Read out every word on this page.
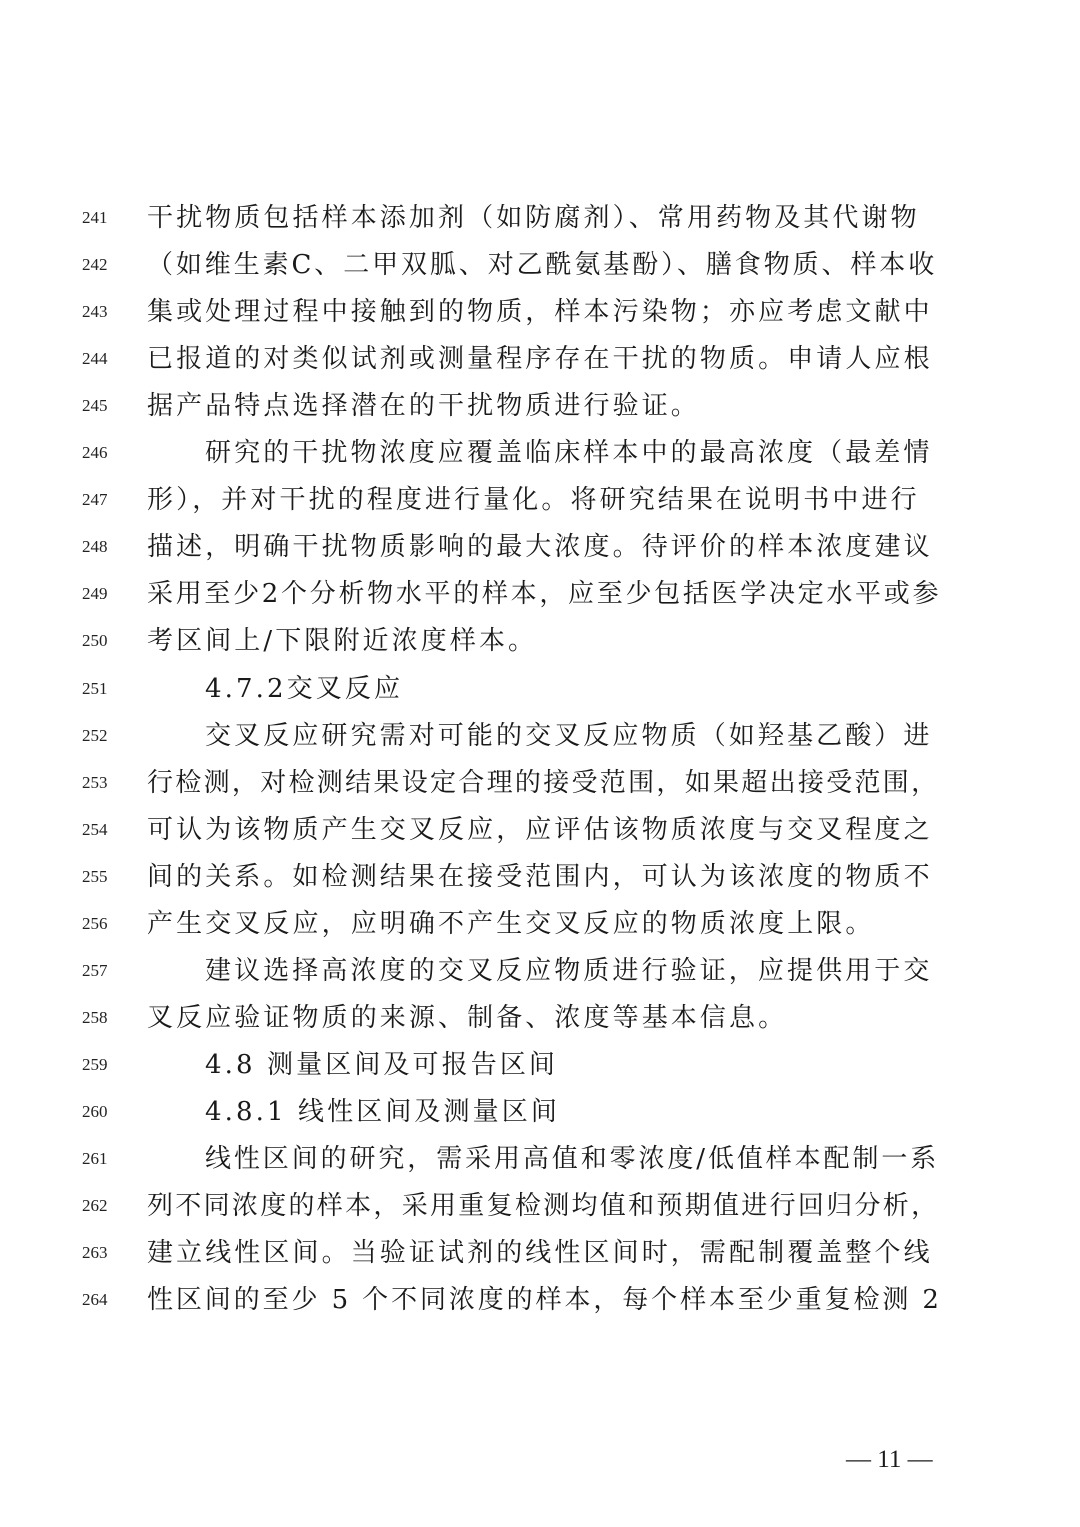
241	干扰物质包括样本添加剂（如防腐剂）、常用药物及其代谢物
242	（如维生素C、二甲双胍、对乙酰氨基酚）、膳食物质、样本收
243	集或处理过程中接触到的物质，样本污染物；亦应考虑文献中
244	已报道的对类似试剂或测量程序存在干扰的物质。申请人应根
245	据产品特点选择潜在的干扰物质进行验证。
246	研究的干扰物浓度应覆盖临床样本中的最高浓度（最差情
247	形），并对干扰的程度进行量化。将研究结果在说明书中进行
248	描述，明确干扰物质影响的最大浓度。待评价的样本浓度建议
249	采用至少2个分析物水平的样本，应至少包括医学决定水平或参
250	考区间上/下限附近浓度样本。
251	4.7.2交叉反应
252	交叉反应研究需对可能的交叉反应物质（如羟基乙酸）进
253	行检测，对检测结果设定合理的接受范围，如果超出接受范围，
254	可认为该物质产生交叉反应，应评估该物质浓度与交叉程度之
255	间的关系。如检测结果在接受范围内，可认为该浓度的物质不
256	产生交叉反应，应明确不产生交叉反应的物质浓度上限。
257	建议选择高浓度的交叉反应物质进行验证，应提供用于交
258	叉反应验证物质的来源、制备、浓度等基本信息。
259	4.8 测量区间及可报告区间
260	4.8.1 线性区间及测量区间
261	线性区间的研究，需采用高值和零浓度/低值样本配制一系
262	列不同浓度的样本，采用重复检测均值和预期值进行回归分析，
263	建立线性区间。当验证试剂的线性区间时，需配制覆盖整个线
264	性区间的至少 5 个不同浓度的样本，每个样本至少重复检测 2
— 11 —
